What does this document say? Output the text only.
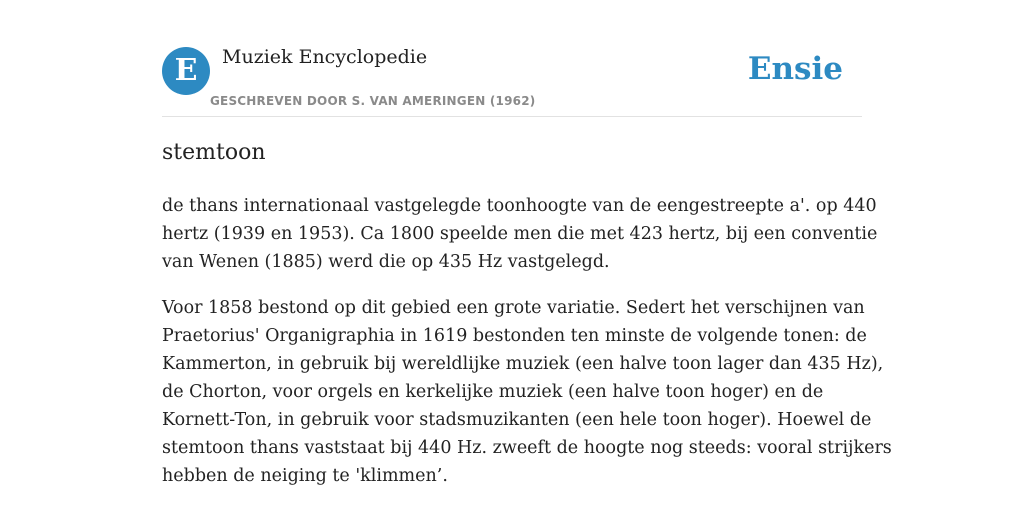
E	Muziek Encyclopedie
GESCHREVEN DOOR S. VAN AMERINGEN (1962)
Ensie
stemtoon

de thans internationaal vastgelegde toonhoogte van de eengestreepte a'. op 440
hertz (1939 en 1953). Ca 1800 speelde men die met 423 hertz, bij een conventie
van Wenen (1885) werd die op 435 Hz vastgelegd.

Voor 1858 bestond op dit gebied een grote variatie. Sedert het verschijnen van
Praetorius' Organigraphia in 1619 bestonden ten minste de volgende tonen: de
Kammerton, in gebruik bij wereldlijke muziek (een halve toon lager dan 435 Hz),
de Chorton, voor orgels en kerkelijke muziek (een halve toon hoger) en de
Kornett-Ton, in gebruik voor stadsmuzikanten (een hele toon hoger). Hoewel de
stemtoon thans vaststaat bij 440 Hz. zweeft de hoogte nog steeds: vooral strijkers
hebben de neiging te 'klimmen’.
